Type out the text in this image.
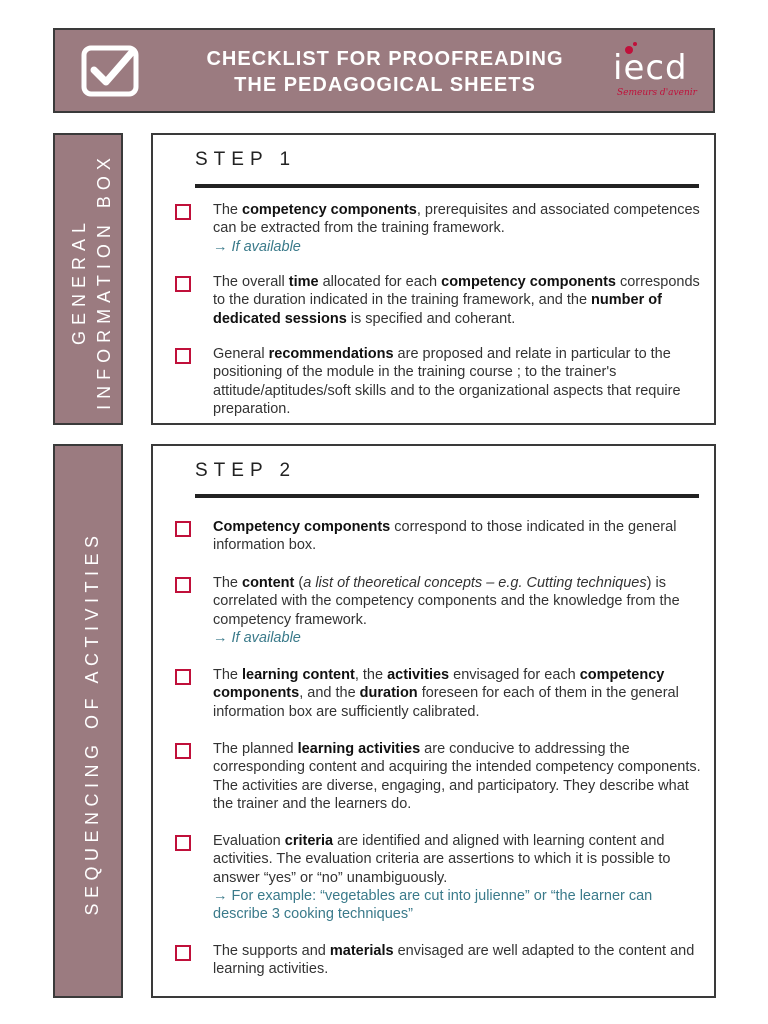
CHECKLIST FOR PROOFREADING
THE PEDAGOGICAL SHEETS	iecd
Semeurs d'avenir
GENERAL INFORMATION BOX
SEQUENCING OF ACTIVITIES
STEP 1
The competency components, prerequisites and associated competences can be extracted from the training framework.
→ If available
The overall time allocated for each competency components corresponds to the duration indicated in the training framework, and the number of dedicated sessions is specified and coherant.
General recommendations are proposed and relate in particular to the positioning of the module in the training course ; to the trainer's attitude/aptitudes/soft skills and to the organizational aspects that require preparation.
STEP 2
Competency components correspond to those indicated in the general information box.
The content (a list of theoretical concepts – e.g. Cutting techniques) is correlated with the competency components and the knowledge from the competency framework.
→ If available
The learning content, the activities envisaged for each competency components, and the duration foreseen for each of them in the general information box are sufficiently calibrated.
The planned learning activities are conducive to addressing the corresponding content and acquiring the intended competency components. The activities are diverse, engaging, and participatory. They describe what the trainer and the learners do.
Evaluation criteria are identified and aligned with learning content and activities. The evaluation criteria are assertions to which it is possible to answer “yes” or “no” unambiguously.
→ For example: “vegetables are cut into julienne” or “the learner can describe 3 cooking techniques”
The supports and materials envisaged are well adapted to the content and learning activities.
